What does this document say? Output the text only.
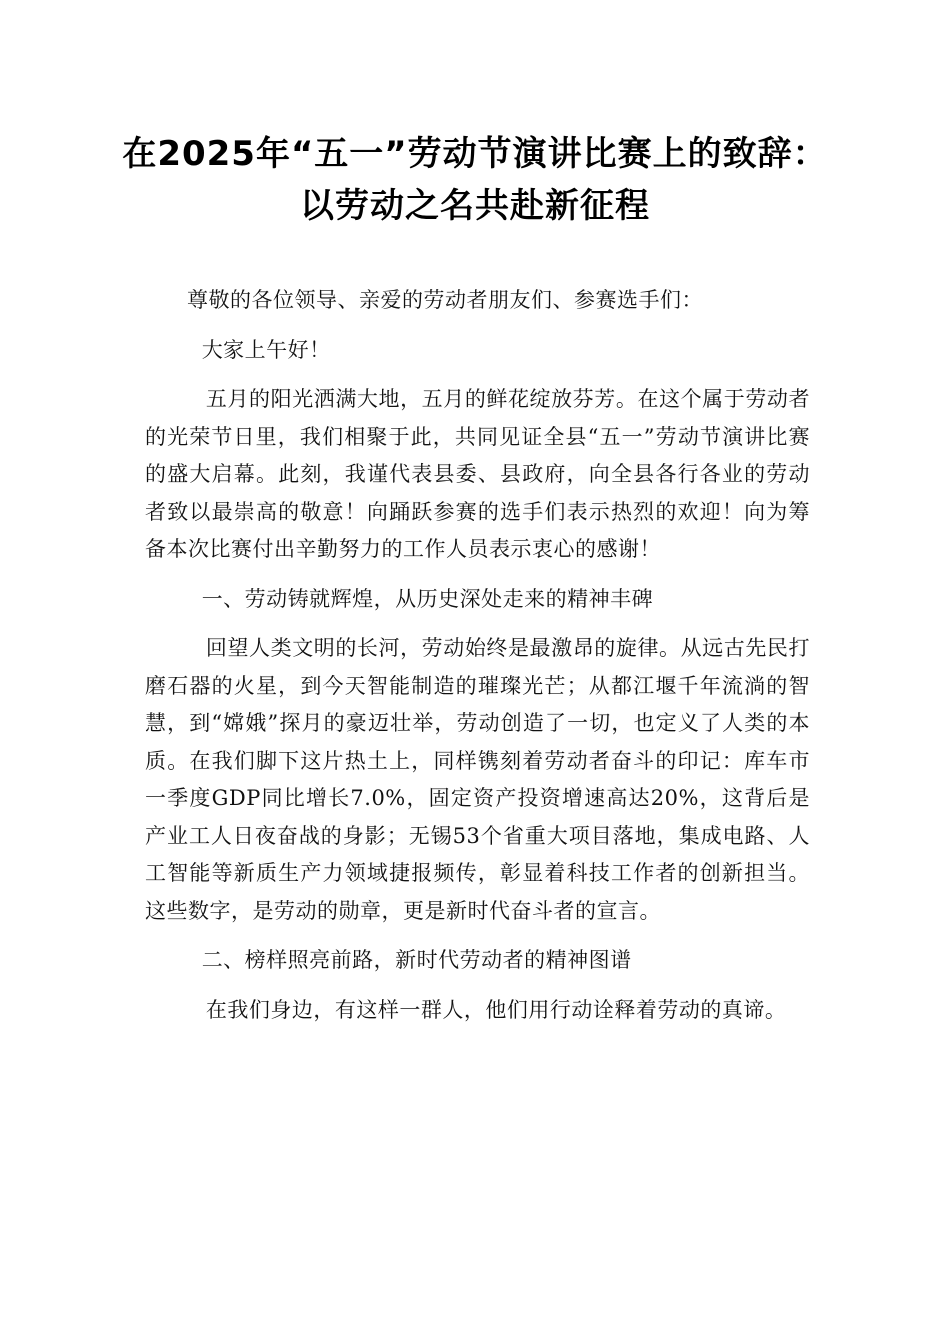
在2025年“五一”劳动节演讲比赛上的致辞：以劳动之名共赴新征程

尊敬的各位领导、亲爱的劳动者朋友们、参赛选手们：

大家上午好！

五月的阳光洒满大地，五月的鲜花绽放芬芳。在这个属于劳动者的光荣节日里，我们相聚于此，共同见证全县“五一”劳动节演讲比赛的盛大启幕。此刻，我谨代表县委、县政府，向全县各行各业的劳动者致以最崇高的敬意！向踊跃参赛的选手们表示热烈的欢迎！向为筹备本次比赛付出辛勤努力的工作人员表示衷心的感谢！

一、劳动铸就辉煌，从历史深处走来的精神丰碑

回望人类文明的长河，劳动始终是最激昂的旋律。从远古先民打磨石器的火星，到今天智能制造的璀璨光芒；从都江堰千年流淌的智慧，到“嫦娥”探月的豪迈壮举，劳动创造了一切，也定义了人类的本质。在我们脚下这片热土上，同样镌刻着劳动者奋斗的印记：库车市一季度GDP同比增长7.0%，固定资产投资增速高达20%，这背后是产业工人日夜奋战的身影；无锡53个省重大项目落地，集成电路、人工智能等新质生产力领域捷报频传，彰显着科技工作者的创新担当。这些数字，是劳动的勋章，更是新时代奋斗者的宣言。

二、榜样照亮前路，新时代劳动者的精神图谱

在我们身边，有这样一群人，他们用行动诠释着劳动的真谛。
